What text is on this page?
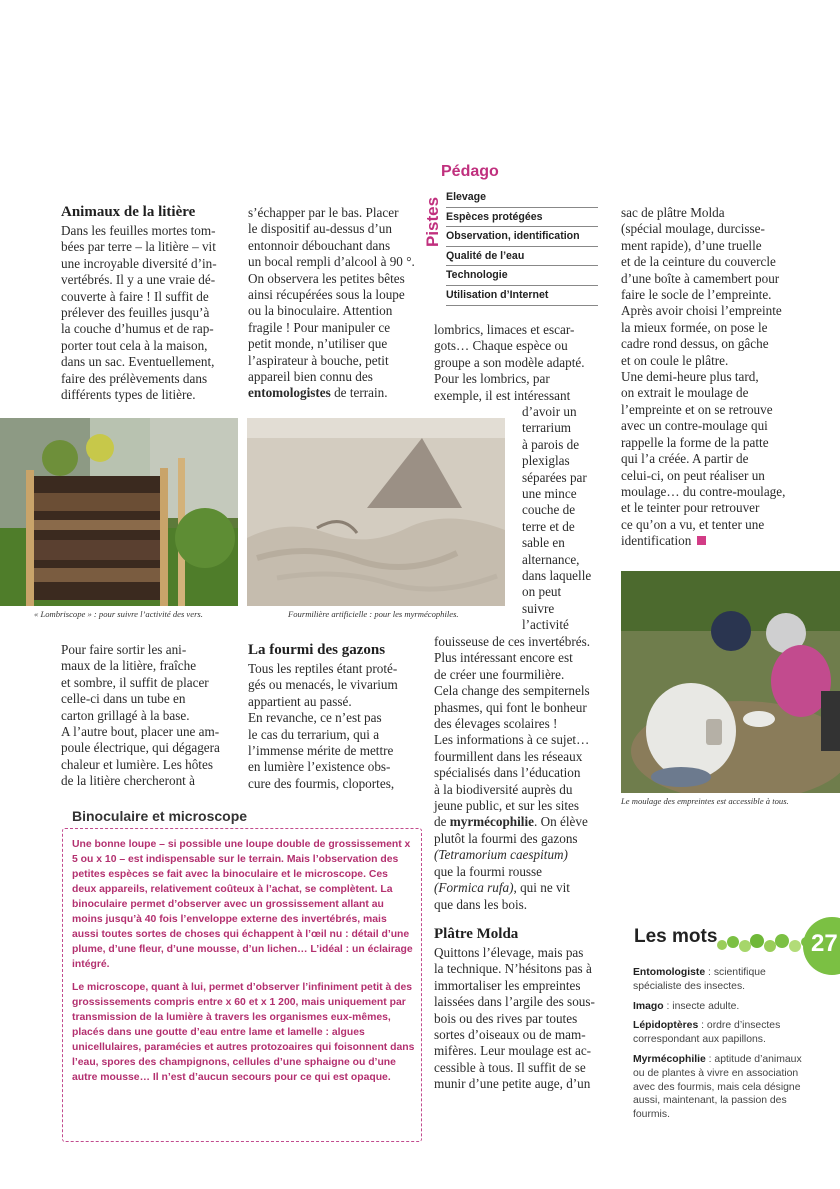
Animaux de la litière
Dans les feuilles mortes tom-
bées par terre – la litière – vit
une incroyable diversité d’in-
vertébrés. Il y a une vraie dé-
couverte à faire ! Il suffit de
prélever des feuilles jusqu’à
la couche d’humus et de rap-
porter tout cela à la maison,
dans un sac. Eventuellement,
faire des prélèvements dans
différents types de litière.
« Lombriscope » : pour suivre l’activité des vers.
Pour faire sortir les ani-
maux de la litière, fraîche
et sombre, il suffit de placer
celle-ci dans un tube en
carton grillagé à la base.
A l’autre bout, placer une am-
poule électrique, qui dégagera
chaleur et lumière. Les hôtes
de la litière chercheront à
s’échapper par le bas. Placer
le dispositif au-dessus d’un
entonnoir débouchant dans
un bocal rempli d’alcool à 90 °.
On observera les petites bêtes
ainsi récupérées sous la loupe
ou la binoculaire. Attention
fragile ! Pour manipuler ce
petit monde, n’utiliser que
l’aspirateur à bouche, petit
appareil bien connu des
entomologistes de terrain.
Fourmilière artificielle : pour les myrmécophiles.
La fourmi des gazons
Tous les reptiles étant proté-
gés ou menacés, le vivarium
appartient au passé.
En revanche, ce n’est pas
le cas du terrarium, qui a
l’immense mérite de mettre
en lumière l’existence obs-
cure des fourmis, cloportes,
Pédago
Pistes Elevage
Espèces protégées
Observation, identification
Qualité de l’eau
Technologie
Utilisation d’Internet
lombrics, limaces et escar-
gots… Chaque espèce ou
groupe a son modèle adapté.
Pour les lombrics, par
exemple, il est intéressant
d’avoir un
terrarium
à parois de
plexiglas
séparées par
une mince
couche de
terre et de
sable en
alternance,
dans laquelle
on peut
suivre
l’activité
fouisseuse de ces invertébrés.
Plus intéressant encore est
de créer une fourmilière.
Cela change des sempiternels
phasmes, qui font le bonheur
des élevages scolaires !
Les informations à ce sujet…
fourmillent dans les réseaux
spécialisés dans l’éducation
à la biodiversité auprès du
jeune public, et sur les sites
de myrmécophilie. On élève
plutôt la fourmi des gazons
(Tetramorium caespitum)
que la fourmi rousse
(Formica rufa), qui ne vit
que dans les bois.
Plâtre Molda
Quittons l’élevage, mais pas
la technique. N’hésitons pas à
immortaliser les empreintes
laissées dans l’argile des sous-
bois ou des rives par toutes
sortes d’oiseaux ou de mam-
mifères. Leur moulage est ac-
cessible à tous. Il suffit de se
munir d’une petite auge, d’un
sac de plâtre Molda
(spécial moulage, durcisse-
ment rapide), d’une truelle
et de la ceinture du couvercle
d’une boîte à camembert pour
faire le socle de l’empreinte.
Après avoir choisi l’empreinte
la mieux formée, on pose le
cadre rond dessus, on gâche
et on coule le plâtre.
Une demi-heure plus tard,
on extrait le moulage de
l’empreinte et on se retrouve
avec un contre-moulage qui
rappelle la forme de la patte
qui l’a créée. A partir de
celui-ci, on peut réaliser un
moulage… du contre-moulage,
et le teinter pour retrouver
ce qu’on a vu, et tenter une
identification
Le moulage des empreintes est accessible à tous.
Binoculaire et microscope

Une bonne loupe – si possible une loupe double de grossissement x 5 ou x 10 – est indispensable sur le terrain. Mais l’observation des petites espèces se fait avec la binoculaire et le microscope. Ces deux appareils, relativement coûteux à l’achat, se complètent. La binoculaire permet d’observer avec un grossissement allant au moins jusqu’à 40 fois l’enveloppe externe des invertébrés, mais aussi toutes sortes de choses qui échappent à l’œil nu : détail d’une plume, d’une fleur, d’une mousse, d’un lichen… L’idéal : un éclairage intégré.

Le microscope, quant à lui, permet d’observer l’infiniment petit à des grossissements compris entre x 60 et x 1 200, mais uniquement par transmission de la lumière à travers les organismes eux-mêmes, placés dans une goutte d’eau entre lame et lamelle : algues unicellulaires, paramécies et autres protozoaires qui foisonnent dans l’eau, spores des champignons, cellules d’une sphaigne ou d’une autre mousse… Il n’est d’aucun secours pour ce qui est opaque.

Les mots

Entomologiste : scientifique spécialiste des insectes.

Imago : insecte adulte.

Lépidoptères : ordre d’insectes correspondant aux papillons.

Myrmécophilie : aptitude d’animaux ou de plantes à vivre en association avec des fourmis, mais cela désigne aussi, maintenant, la passion des fourmis.

27
